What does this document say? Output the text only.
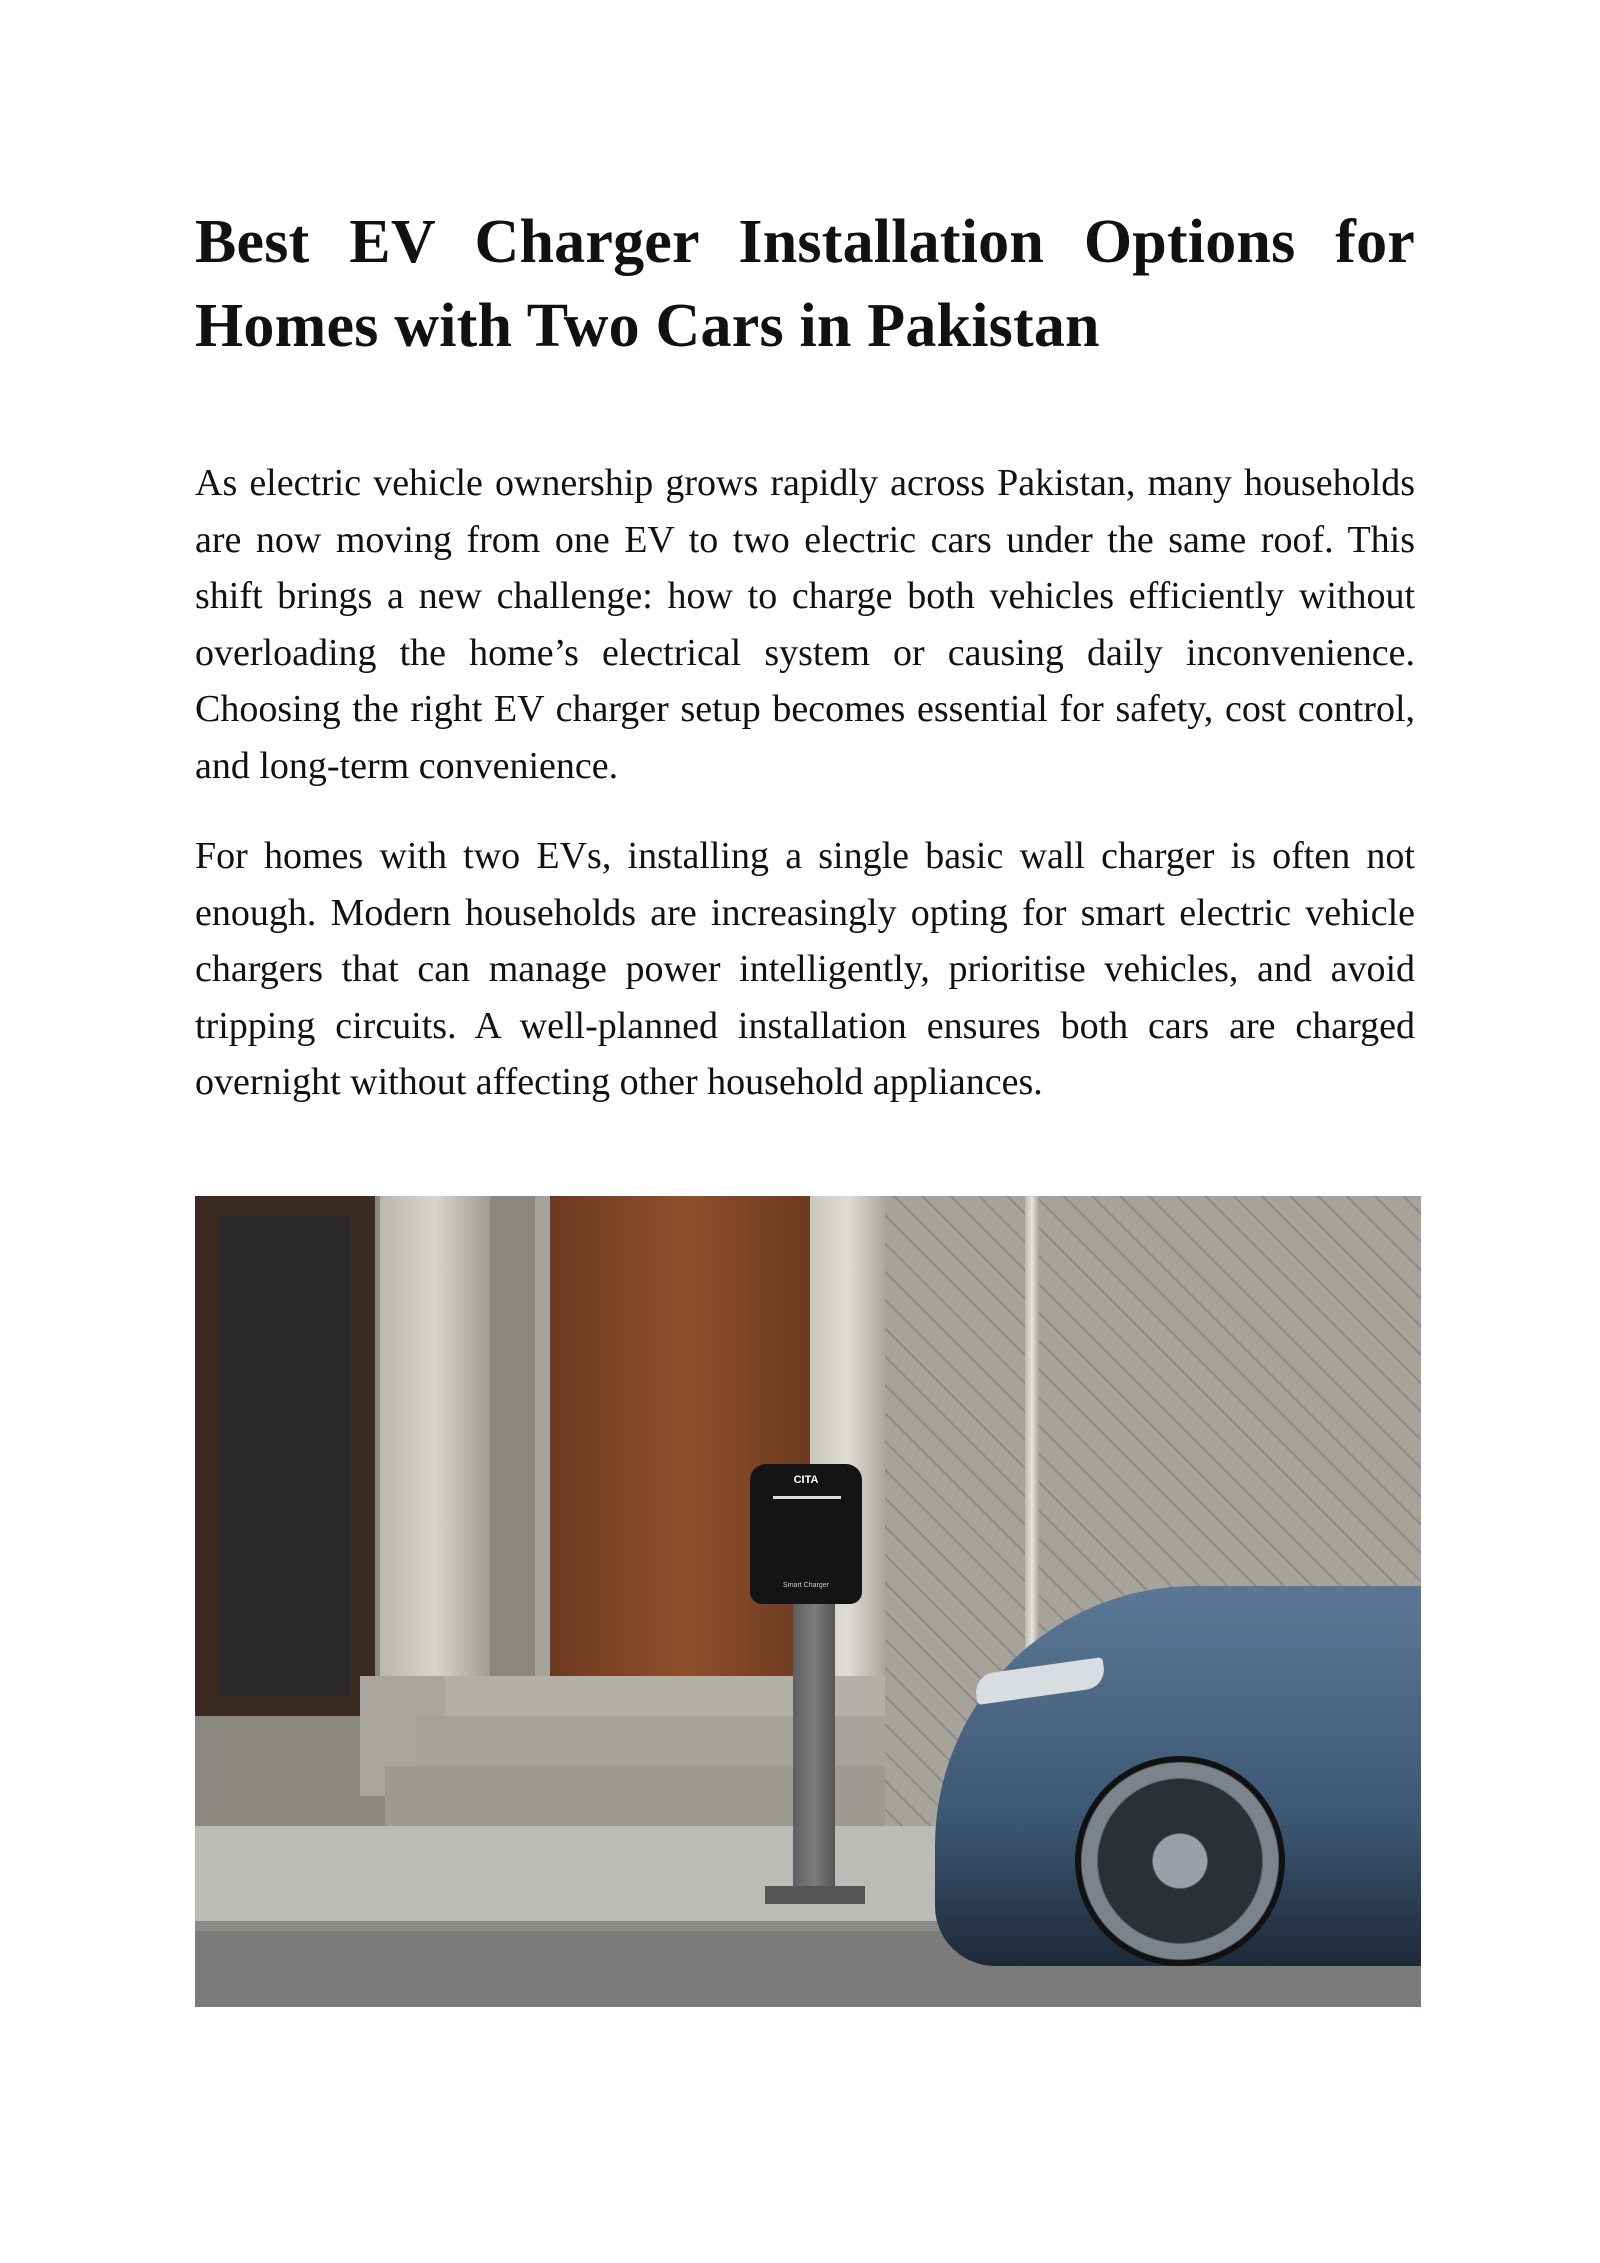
Best EV Charger Installation Options for Homes with Two Cars in Pakistan

As electric vehicle ownership grows rapidly across Pakistan, many households are now moving from one EV to two electric cars under the same roof. This shift brings a new challenge: how to charge both vehicles efficiently without overloading the home’s electrical system or causing daily inconvenience. Choosing the right EV charger setup becomes essential for safety, cost control, and long-term convenience.

For homes with two EVs, installing a single basic wall charger is often not enough. Modern households are increasingly opting for smart electric vehicle chargers that can manage power intelligently, prioritise vehicles, and avoid tripping circuits. A well-planned installation ensures both cars are charged overnight without affecting other household appliances.

CITA
Smart Charger
